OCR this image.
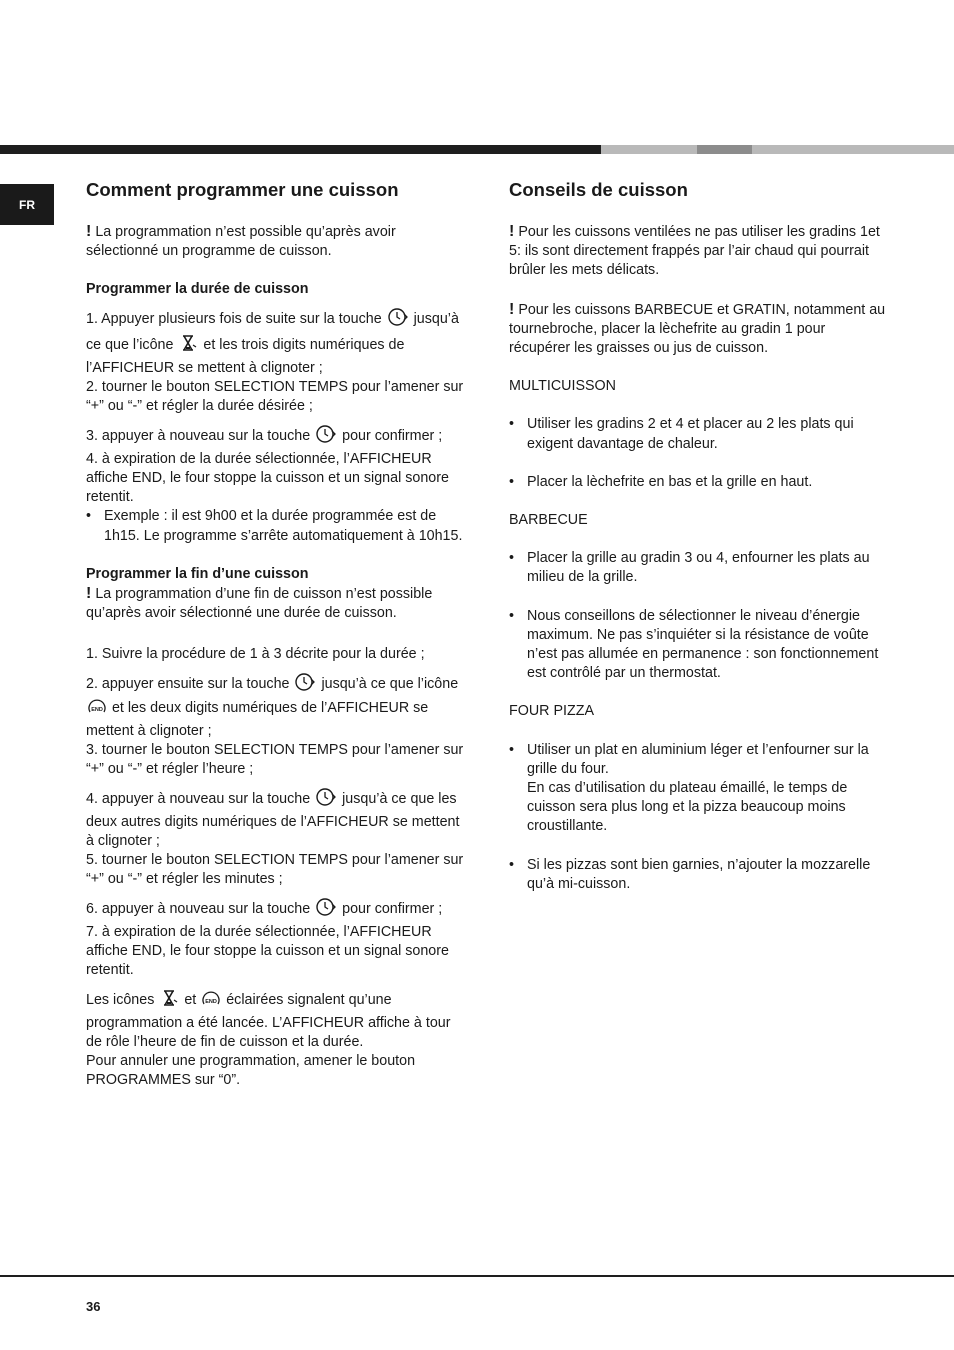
FR
Comment programmer une cuisson

! La programmation n’est possible qu’après avoir sélectionné un programme de cuisson.

Programmer la durée de cuisson

1. Appuyer plusieurs fois de suite sur la touche jusqu’à ce que l’icône et les trois digits numériques de l’AFFICHEUR se mettent à clignoter ;

2. tourner le bouton SELECTION TEMPS pour l’amener sur “+” ou “-” et régler la durée désirée ;

3. appuyer à nouveau sur la touche pour confirmer ;

4. à expiration de la durée sélectionnée, l’AFFICHEUR affiche END, le four stoppe la cuisson et un signal sonore retentit.

• Exemple : il est 9h00 et la durée programmée est de 1h15. Le programme s’arrête automatiquement à 10h15.

Programmer la fin d’une cuisson

! La programmation d’une fin de cuisson n’est possible qu’après avoir sélectionné une durée de cuisson.

1. Suivre la procédure de 1 à 3 décrite pour la durée ;

2. appuyer ensuite sur la touche jusqu’à ce que l’icône
END et les deux digits numériques de l’AFFICHEUR se mettent à clignoter ;

3. tourner le bouton SELECTION TEMPS pour l’amener sur “+” ou “-” et régler l’heure ;

4. appuyer à nouveau sur la touche jusqu’à ce que les deux autres digits numériques de l’AFFICHEUR se mettent à clignoter ;

5. tourner le bouton SELECTION TEMPS pour l’amener sur “+” ou “-” et régler les minutes ;

6. appuyer à nouveau sur la touche pour confirmer ;

7. à expiration de la durée sélectionnée, l’AFFICHEUR affiche END, le four stoppe la cuisson et un signal sonore retentit.

Les icônes et END éclairées signalent qu’une programmation a été lancée. L’AFFICHEUR affiche à tour de rôle l’heure de fin de cuisson et la durée.

Pour annuler une programmation, amener le bouton PROGRAMMES sur “0”.

Conseils de cuisson

! Pour les cuissons ventilées ne pas utiliser les gradins 1et 5: ils sont directement frappés par l’air chaud qui pourrait brûler les mets délicats.

! Pour les cuissons BARBECUE et GRATIN, notamment au tournebroche, placer la lèchefrite au gradin 1 pour récupérer les graisses ou jus de cuisson.

MULTICUISSON

• Utiliser les gradins 2 et 4 et placer au 2 les plats qui exigent davantage de chaleur.

• Placer la lèchefrite en bas et la grille en haut.

BARBECUE

• Placer la grille au gradin 3 ou 4, enfourner les plats au milieu de la grille.

• Nous conseillons de sélectionner le niveau d’énergie maximum. Ne pas s’inquiéter si la résistance de voûte n’est pas allumée en permanence : son fonctionnement est contrôlé par un thermostat.

FOUR PIZZA

• Utiliser un plat en aluminium léger et l’enfourner sur la grille du four.

En cas d’utilisation du plateau émaillé, le temps de cuisson sera plus long et la pizza beaucoup moins croustillante.

• Si les pizzas sont bien garnies, n’ajouter la mozzarelle qu’à mi-cuisson.

36
